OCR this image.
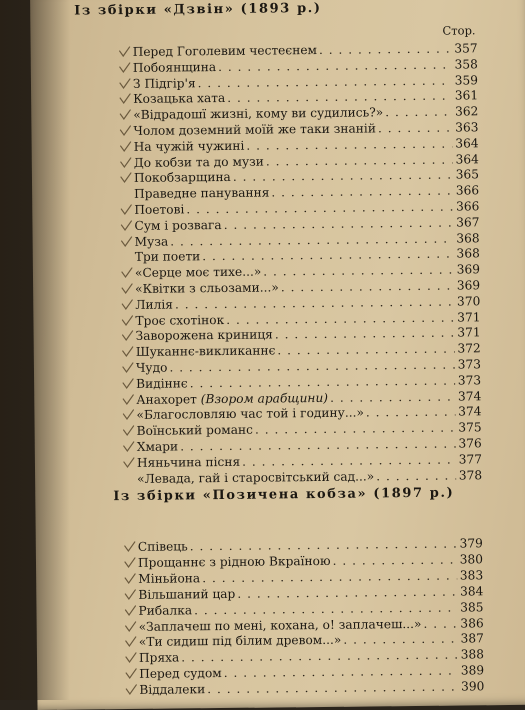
Із збірки «Дзвін» (1893 р.)
Стор.
Перед Гоголевим честеєнем . . .	357
Побоянщина . . .	358
З Підгір'я . . .	359
Козацька хата . . .	361
«Відрадошї жизні, кому ви судились?» . . .	362
Чолом доземний моїй же таки знаній . . .	363
На чужій чужині . . .	364
До кобзи та до музи . . .	364
Покобзарщина . . .	365
Праведне панування . . .	366
Поетові . . .	366
Сум і розвага . . .	367
Муза . . .	368
Три поети . . .	368
«Серце моє тихе...» . . .	369
«Квітки з сльозами...» . . .	369
Лилія . . .	370
Троє схотінок . . .	371
Заворожена криниця . . .	371
Шуканнє-викликаннє . . .	372
Чудо . . .	373
Видіннє . . .	373
Анахорет (Взором арабщини) . . .	374
«Благословляю час той і годину...» . . .	374
Воїнський романс . . .	375
Хмари . . .	376
Няньчина пісня . . .	377
«Левада, гай і старосвітський сад...» . . .	378
Із збірки «Позичена кобза» (1897 р.)
Співець . . .	379
Прощаннє з рідною Вкраїною . . .	380
Міньйона . . .	383
Вільшаний цар . . .	384
Рибалка . . .	385
«Заплачеш по мені, кохана, о! заплачеш...» . . .	386
«Ти сидиш під білим древом...» . . .	387
Пряха . . .	388
Перед судом . . .	389
Віддалеки . . .	390
